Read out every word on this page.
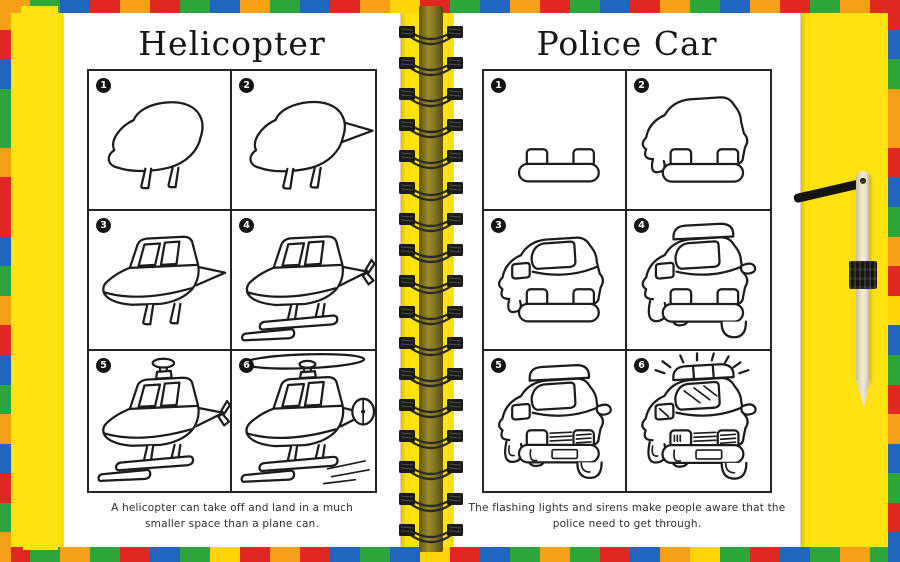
Helicopter
1	2
3	4
5	6

A helicopter can take off and land in a much
smaller space than a plane can.

Police Car
1	2
3	4
5	6

The flashing lights and sirens make people aware that the
police need to get through.
